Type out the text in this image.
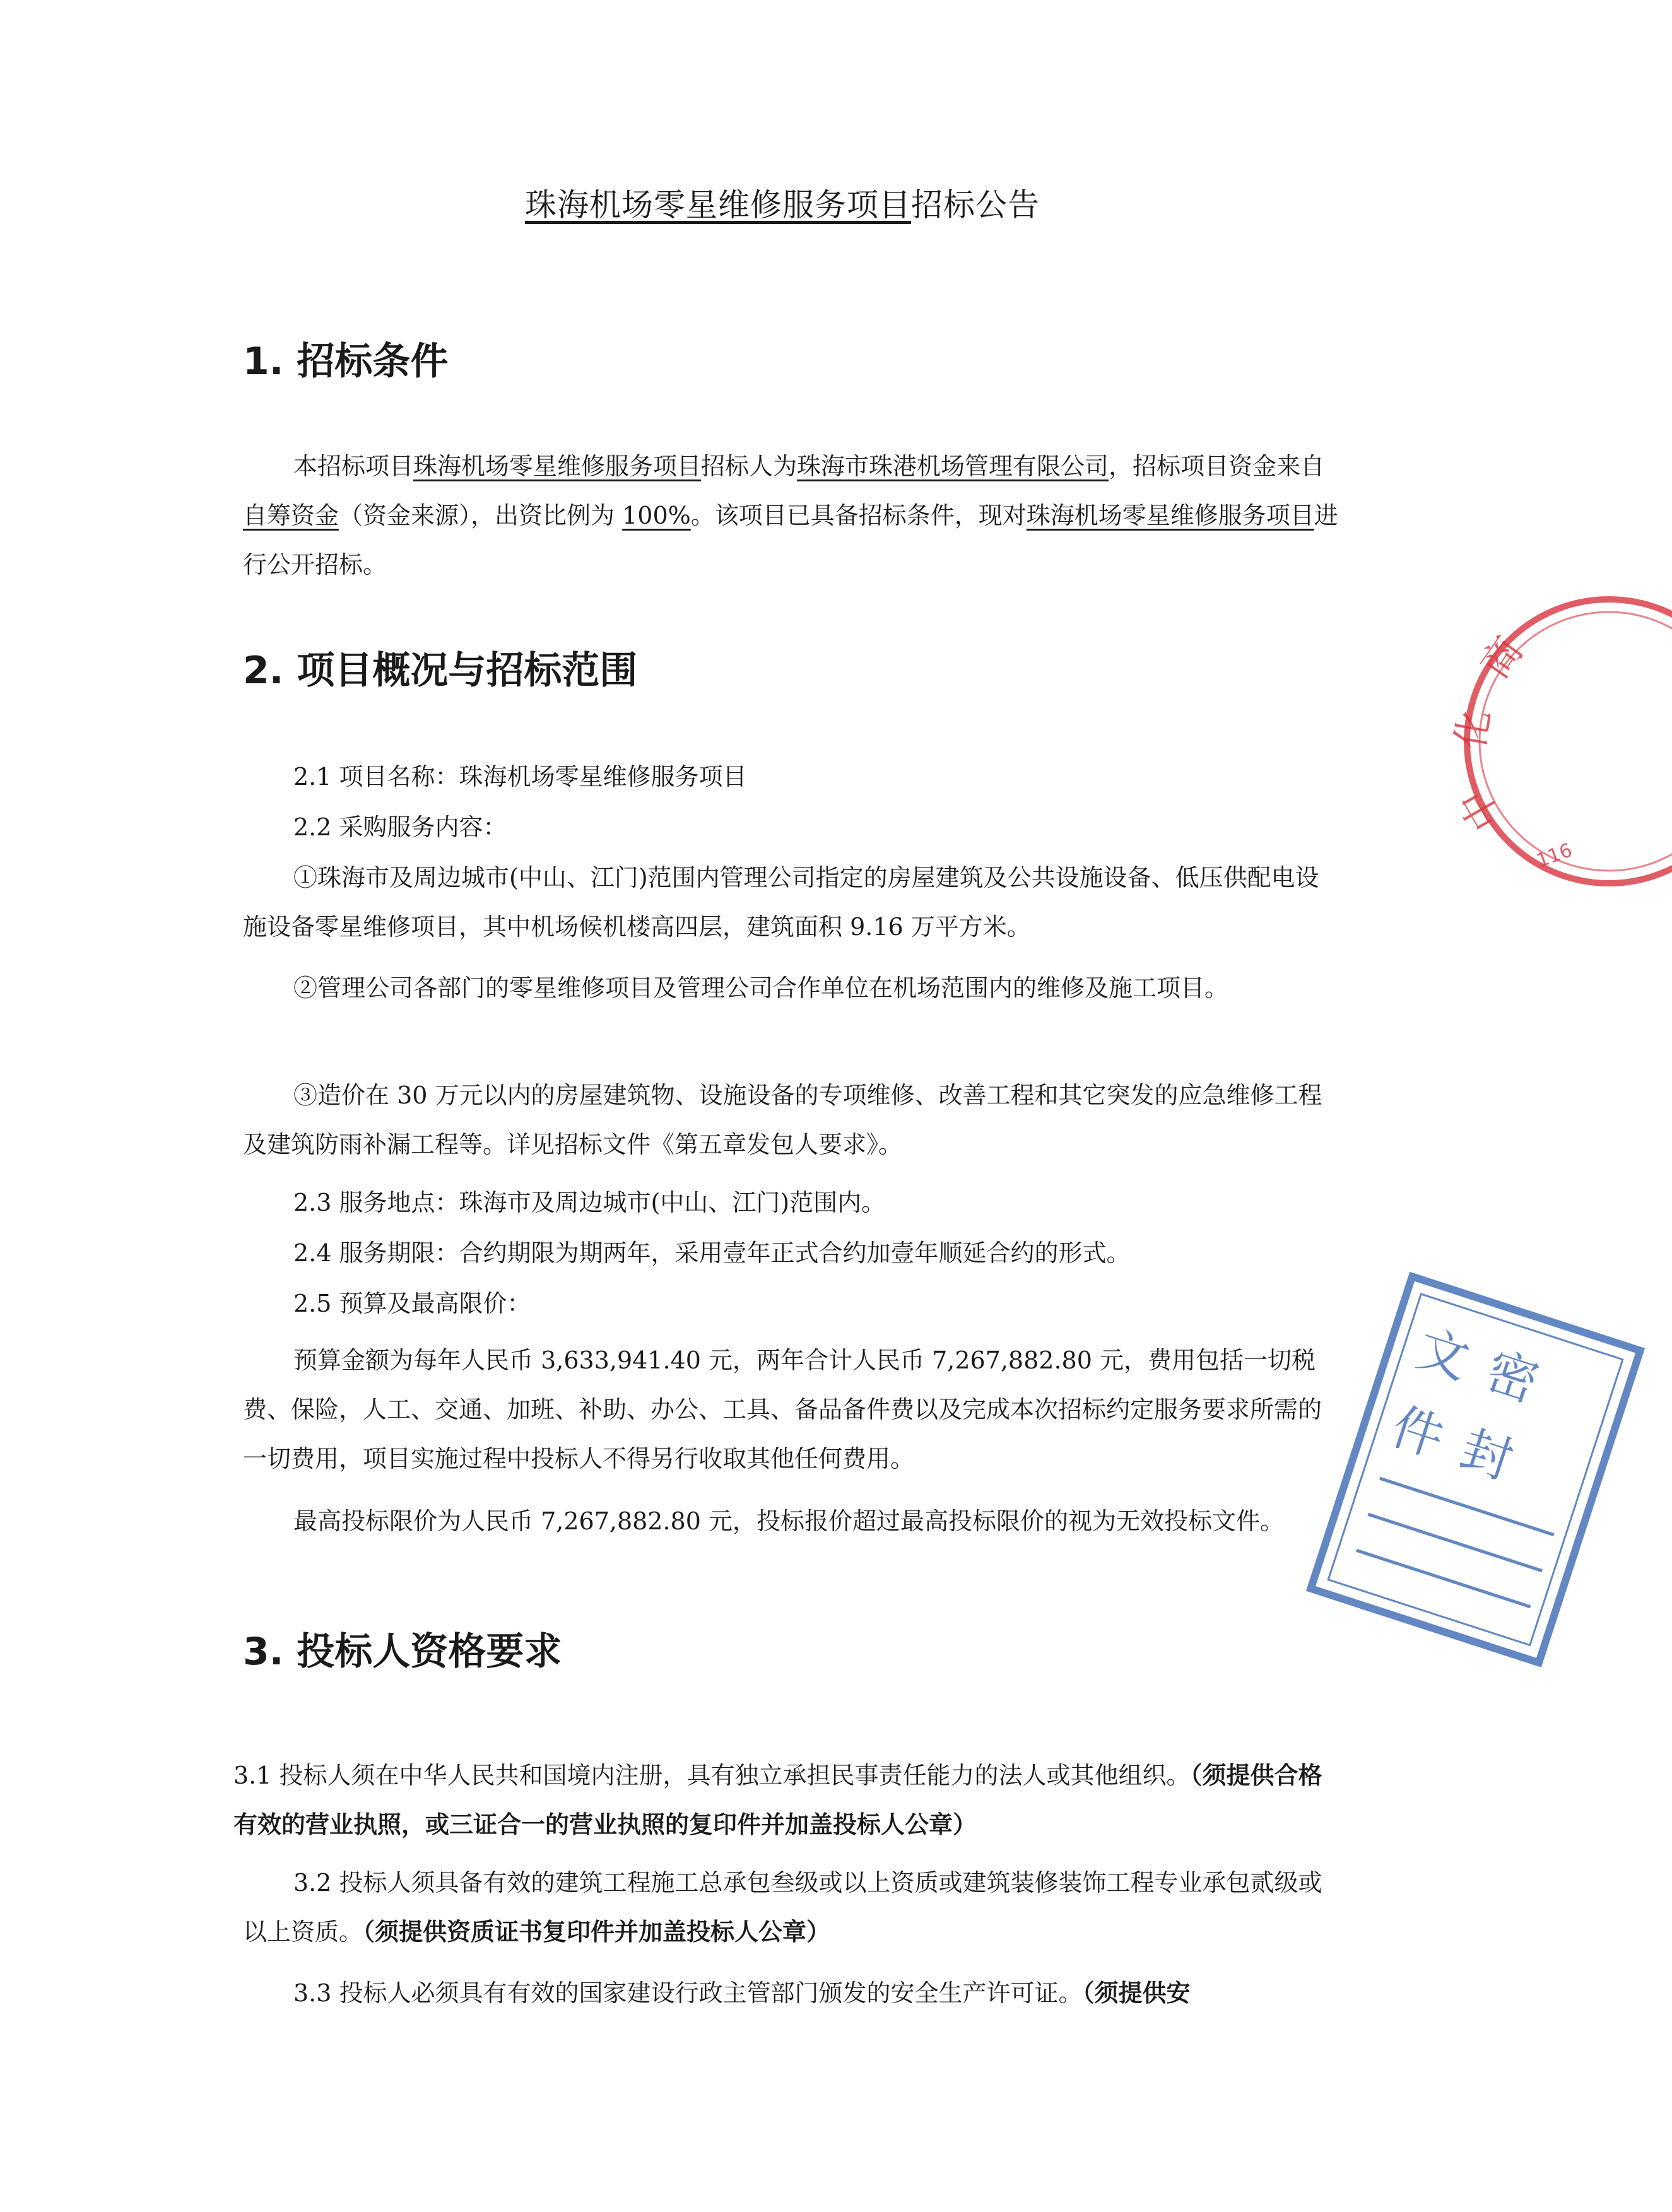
珠海机场零星维修服务项目招标公告
1. 招标条件
本招标项目珠海机场零星维修服务项目招标人为珠海市珠港机场管理有限公司，招标项目资金来自自筹资金（资金来源），出资比例为 100%。该项目已具备招标条件，现对珠海机场零星维修服务项目进行公开招标。
2. 项目概况与招标范围
2.1 项目名称：珠海机场零星维修服务项目
2.2 采购服务内容：
①珠海市及周边城市(中山、江门)范围内管理公司指定的房屋建筑及公共设施设备、低压供配电设施设备零星维修项目，其中机场候机楼高四层，建筑面积 9.16 万平方米。
②管理公司各部门的零星维修项目及管理公司合作单位在机场范围内的维修及施工项目。
③造价在 30 万元以内的房屋建筑物、设施设备的专项维修、改善工程和其它突发的应急维修工程及建筑防雨补漏工程等。详见招标文件《第五章发包人要求》。
2.3 服务地点：珠海市及周边城市(中山、江门)范围内。
2.4 服务期限：合约期限为期两年，采用壹年正式合约加壹年顺延合约的形式。
2.5 预算及最高限价：
预算金额为每年人民币 3,633,941.40 元，两年合计人民币 7,267,882.80 元，费用包括一切税费、保险，人工、交通、加班、补助、办公、工具、备品备件费以及完成本次招标约定服务要求所需的一切费用，项目实施过程中投标人不得另行收取其他任何费用。
最高投标限价为人民币 7,267,882.80 元，投标报价超过最高投标限价的视为无效投标文件。
3. 投标人资格要求
3.1 投标人须在中华人民共和国境内注册，具有独立承担民事责任能力的法人或其他组织。（须提供合格有效的营业执照，或三证合一的营业执照的复印件并加盖投标人公章）
3.2 投标人须具备有效的建筑工程施工总承包叁级或以上资质或建筑装修装饰工程专业承包贰级或以上资质。（须提供资质证书复印件并加盖投标人公章）
3.3 投标人必须具有有效的国家建设行政主管部门颁发的安全生产许可证。（须提供安
商
化
中
116
文
件
密
封
